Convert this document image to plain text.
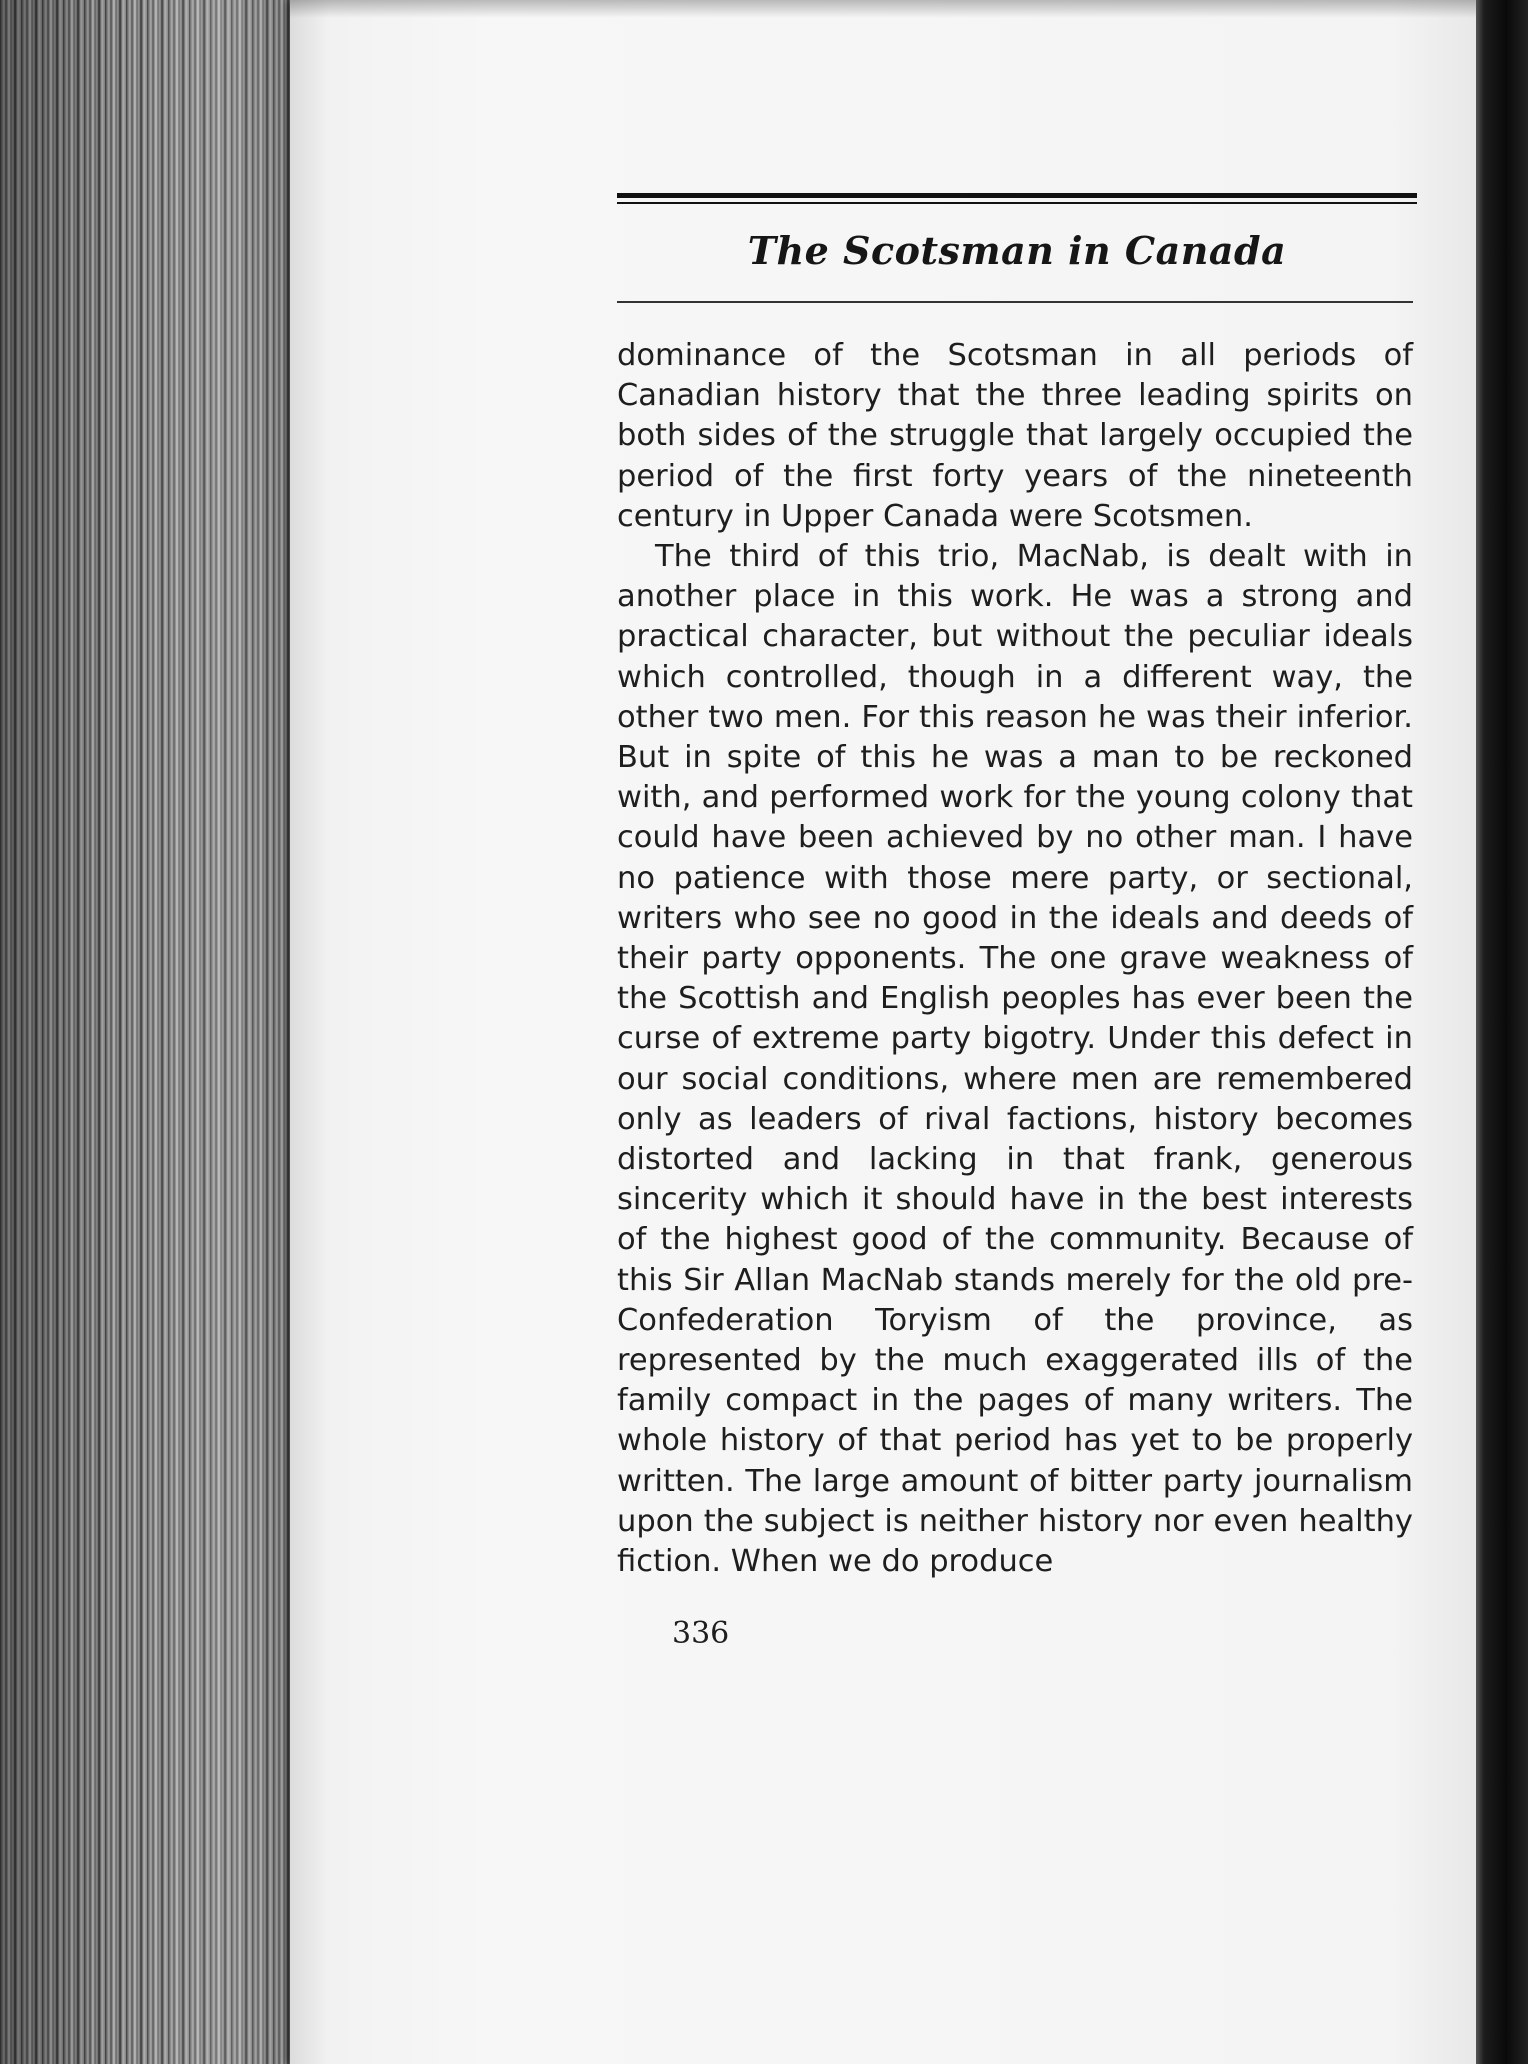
The Scotsman in Canada

dominance of the Scotsman in all periods of Canadian history that the three leading spirits on both sides of the struggle that largely occupied the period of the first forty years of the nineteenth century in Upper Canada were Scotsmen.

The third of this trio, MacNab, is dealt with in another place in this work. He was a strong and practical character, but without the peculiar ideals which controlled, though in a different way, the other two men. For this reason he was their inferior. But in spite of this he was a man to be reckoned with, and performed work for the young colony that could have been achieved by no other man. I have no patience with those mere party, or sectional, writers who see no good in the ideals and deeds of their party opponents. The one grave weakness of the Scottish and English peoples has ever been the curse of extreme party bigotry. Under this defect in our social conditions, where men are remembered only as leaders of rival factions, history becomes distorted and lacking in that frank, generous sincerity which it should have in the best interests of the highest good of the community. Because of this Sir Allan MacNab stands merely for the old pre-Confederation Toryism of the province, as represented by the much exaggerated ills of the family compact in the pages of many writers. The whole history of that period has yet to be properly written. The large amount of bitter party journalism upon the subject is neither history nor even healthy fiction. When we do produce

336
